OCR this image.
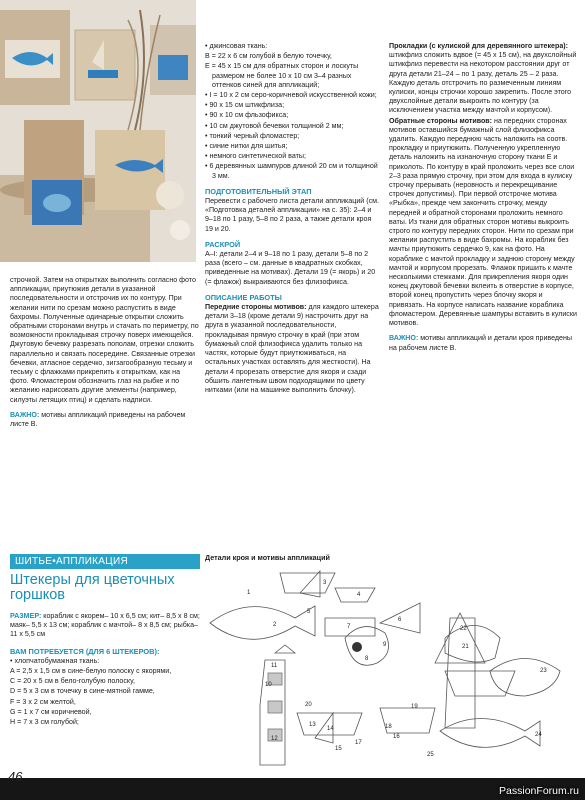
строчкой. Затем на открытках выполнить согласно фото аппликации, приутюжив детали в указанной последовательности и отстрочив их по контуру. При желании нити по срезам можно распустить в виде бахромы. Полученные одинарные открытки сложить обратными сторонами внутрь и стачать по периметру, по возможности прокладывая строчку поверх имеющейся. Джутовую бечевку разрезать пополам, отрезки сложить параллельно и связать посередине. Связанные отрезки бечевки, атласное сердечко, зигзагообразную тесьму и тесьму с флажками прикрепить к открыткам, как на фото. Фломастером обозначить глаз на рыбке и по желанию нарисовать другие элементы (например, силуэты летящих птиц) и сделать надписи.

ВАЖНО: мотивы аппликаций приведены на рабочем листе В.

ШИТЬЕ•АППЛИКАЦИЯ
Штекеры для цветочных горшков

РАЗМЕР: кораблик с якорем– 10 х 6,5 см; кит– 8,5 х 8 см; маяк– 5,5 х 13 см; кораблик с мачтой– 8 х 8,5 см; рыбка– 11 х 5,5 см

ВАМ ПОТРЕБУЕТСЯ (ДЛЯ 6 ШТЕКЕРОВ):

• хлопчатобумажная ткань:

A = 2,5 х 1,5 см в сине-белую полоску с якорями,

C = 20 х 5 см в бело-голубую полоску,

D = 5 х 3 см в точечку в сине-мятной гамме,

F = 3 х 2 см желтой,

G = 1 х 7 см коричневой,

H = 7 х 3 см голубой;

• джинсовая ткань:

B = 22 х 6 см голубой в белую точечку,

E = 45 х 15 см для обратных сторон и лоскуты размером не более 10 х 10 см 3–4 разных оттенков синей для аппликаций;

• I = 10 х 2 см серо-коричневой искусственной кожи;

• 90 х 15 см штикфлиза;

• 90 х 10 см фльзофикса;

• 10 см джутовой бечевки толщиной 2 мм;

• тонкий черный фломастер;

• синие нитки для шитья;

• немного синтетической ваты;

• 6 деревянных шампуров длиной 20 см и толщиной 3 мм.

ПОДГОТОВИТЕЛЬНЫЙ ЭТАП

Перевести с рабочего листа детали аппликаций (см. «Подготовка деталей аппликации» на с. 35): 2–4 и 9–18 по 1 разу, 5–8 по 2 раза, а также детали кроя 19 и 20.

РАСКРОЙ

А–I: детали 2–4 и 9–18 по 1 разу, детали 5–8 по 2 раза (всего – см. данные в квадратных скобках, приведенные на мотивах). Детали 19 (= якорь) и 20 (= флажок) выкраиваются без флизофикса.

ОПИСАНИЕ РАБОТЫ

Передние стороны мотивов: для каждого штекера детали 3–18 (кроме детали 9) настрочить друг на друга в указанной последовательности, прокладывая прямую строчку в край (при этом бумажный слой флизофикса удалить только на частях, которые будут приутюживаться, на остальных участках оставлять для жесткости). На детали 4 прорезать отверстие для якоря и сзади обшить лангетным швом подходящими по цвету нитками (или на машинке выполнить блочку).

Прокладки (с кулиской для деревянного штекера): штикфлиз сложить вдвое (= 45 х 15 см), на двухслойный штикфлиз перевести на некотором расстоянии друг от друга детали 21–24 – по 1 разу, деталь 25 – 2 раза. Каждую деталь отстрочить по размеченным линиям кулиски, концы строчки хорошо закрепить. После этого двухслойные детали выкроить по контуру (за исключением участка между мачтой и корпусом).

Обратные стороны мотивов: на передних сторонах мотивов оставшийся бумажный слой флизофикса удалить. Каждую переднюю часть наложить на соотв. прокладку и приутюжить. Полученную укрепленную деталь наложить на изнаночную сторону ткани E и приколоть. По контуру в край проложить через все слои 2–3 раза прямую строчку, при этом для входа в кулиску строчку прерывать (неровность и перекрещивание строчек допустимы). При первой отстрочке мотива «Рыбка», прежде чем закончить строчку, между передней и обратной сторонами проложить немного ваты. Из ткани для обратных сторон мотивы выкроить строго по контуру передних сторон. Нити по срезам при желании распустить в виде бахромы. На кораблик без мачты приутюжить сердечко 9, как на фото. На кораблике с мачтой прокладку и заднюю сторону между мачтой и корпусом прорезать. Флажок пришить к мачте несколькими стежками. Для прикрепления якоря один конец джутовой бечевки вклеить в отверстие в корпусе, второй конец пропустить через блочку якоря и привязать. На корпусе написать название кораблика фломастером. Деревянные шампуры вставить в кулиски мотивов.

ВАЖНО: мотивы аппликаций и детали кроя приведены на рабочем листе В.

Детали кроя и мотивы аппликаций
1
2
3
4
5
6
7
8
9
10
11
12
13
14
15
16
17
18
19
20
21
22
23
24
25
46
PassionForum.ru
